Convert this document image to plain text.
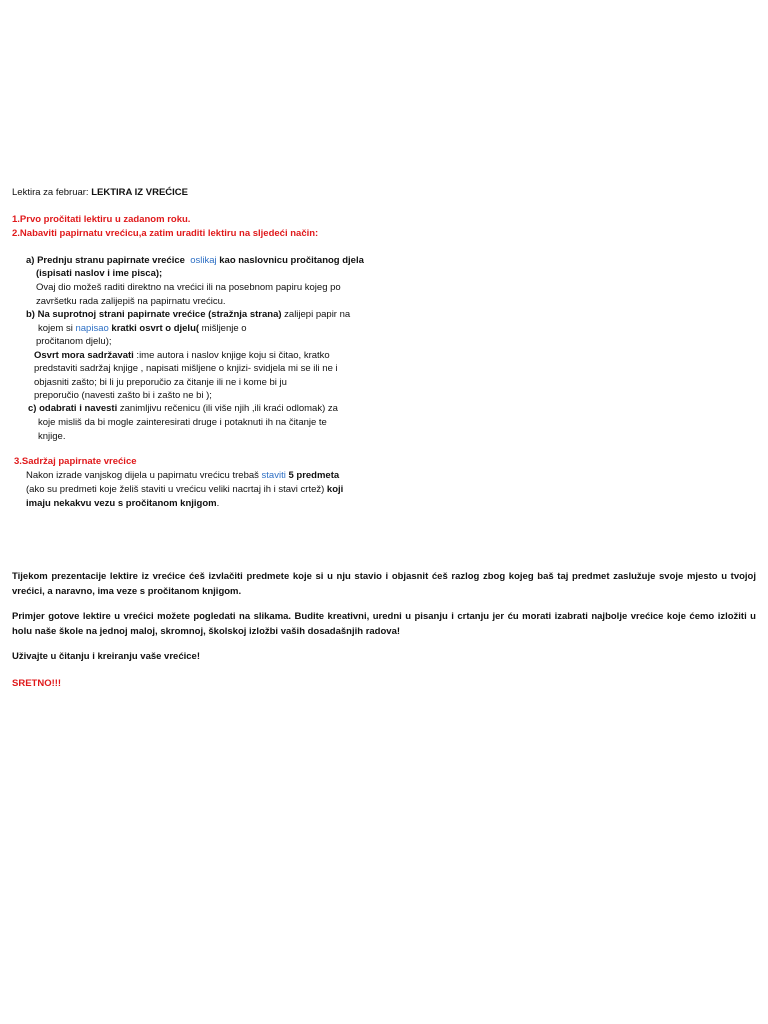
Lektira za februar: LEKTIRA IZ VREĆICE
1.Prvo pročitati lektiru u zadanom roku.
2.Nabaviti papirnatu vrećicu,a zatim uraditi lektiru na sljedeći način:
a) Prednju stranu papirnate vrećice oslikaj kao naslovnicu pročitanog djela
(ispisati naslov i ime pisca);
Ovaj dio možeš raditi direktno na vrećici ili na posebnom papiru kojeg po
završetku rada zalijepiš na papirnatu vrećicu.
b) Na suprotnoj strani papirnate vrećice (stražnja strana) zalijepi papir na
kojem si napisao kratki osvrt o djelu( mišljenje o
pročitanom djelu);
Osvrt mora sadržavati :ime autora i naslov knjige koju si čitao, kratko
predstaviti sadržaj knjige , napisati mišljene o knjizi- svidjela mi se ili ne i
objasniti zašto; bi li ju preporučio za čitanje ili ne i kome bi ju
preporučio (navesti zašto bi i zašto ne bi );
c) odabrati i navesti zanimljivu rečenicu (ili više njih ,ili kraći odlomak) za
koje misliš da bi mogle zainteresirati druge i potaknuti ih na čitanje te
knjige.
3.Sadržaj papirnate vrećice
Nakon izrade vanjskog dijela u papirnatu vrećicu trebaš staviti 5 predmeta
(ako su predmeti koje želiš staviti u vrećicu veliki nacrtaj ih i stavi crtež) koji
imaju nekakvu vezu s pročitanom knjigom.
Tijekom prezentacije lektire iz vrećice ćeš izvlačiti predmete koje si u nju stavio i objasnit ćeš razlog zbog kojeg baš taj predmet zaslužuje svoje mjesto u tvojoj vrećici, a naravno, ima veze s pročitanom knjigom.
Primjer gotove lektire u vrećici možete pogledati na slikama. Budite kreativni, uredni u pisanju i crtanju jer ću morati izabrati najbolje vrećice koje ćemo izložiti u holu naše škole na jednoj maloj, skromnoj, školskoj izložbi vaših dosadašnjih radova!
Uživajte u čitanju i kreiranju vaše vrećice!
SRETNO!!!
